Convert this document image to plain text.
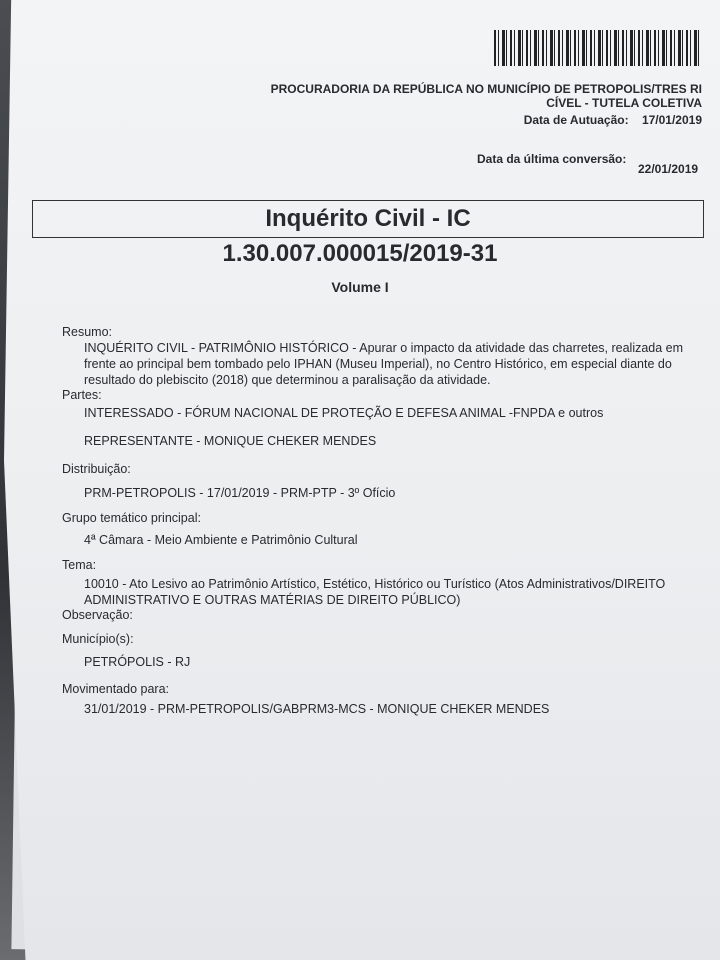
PROCURADORIA DA REPÚBLICA NO MUNICÍPIO DE PETROPOLIS/TRES RI
CÍVEL - TUTELA COLETIVA
Data de Autuação: 17/01/2019
Data da última conversão:
22/01/2019
Inquérito Civil - IC
1.30.007.000015/2019-31
Volume I
Resumo:
INQUÉRITO CIVIL - PATRIMÔNIO HISTÓRICO - Apurar o impacto da atividade das charretes, realizada em
frente ao principal bem tombado pelo IPHAN (Museu Imperial), no Centro Histórico, em especial diante do
resultado do plebiscito (2018) que determinou a paralisação da atividade.
Partes:
INTERESSADO - FÓRUM NACIONAL DE PROTEÇÃO E DEFESA ANIMAL -FNPDA e outros
REPRESENTANTE - MONIQUE CHEKER MENDES
Distribuição:
PRM-PETROPOLIS - 17/01/2019 - PRM-PTP - 3º Ofício
Grupo temático principal:
4ª Câmara - Meio Ambiente e Patrimônio Cultural
Tema:
10010 - Ato Lesivo ao Patrimônio Artístico, Estético, Histórico ou Turístico (Atos Administrativos/DIREITO
ADMINISTRATIVO E OUTRAS MATÉRIAS DE DIREITO PÚBLICO)
Observação:
Município(s):
PETRÓPOLIS - RJ
Movimentado para:
31/01/2019 - PRM-PETROPOLIS/GABPRM3-MCS - MONIQUE CHEKER MENDES
